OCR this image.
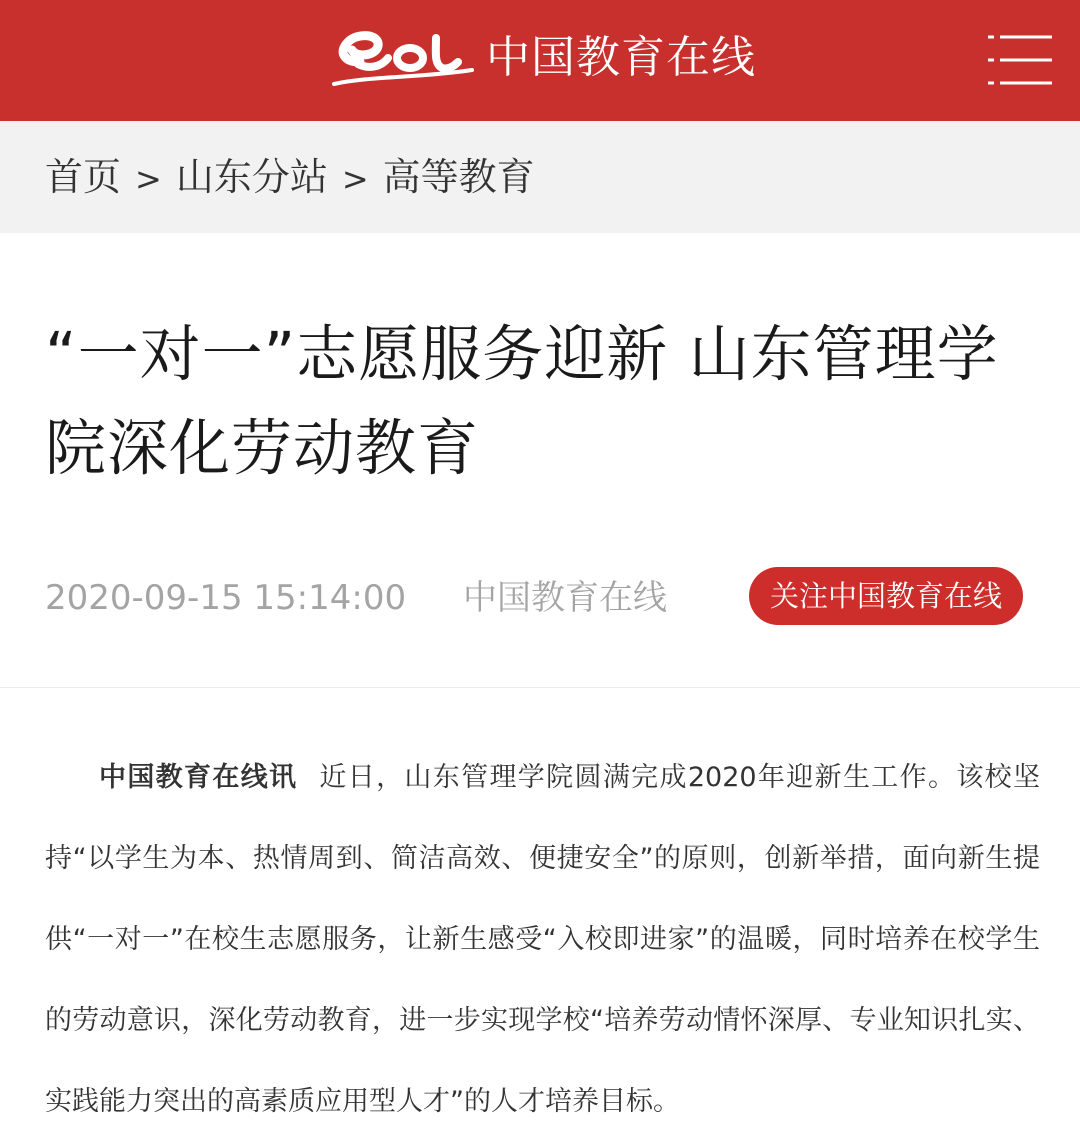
中国教育在线
首页 > 山东分站 > 高等教育
“一对一”志愿服务迎新 山东管理学院深化劳动教育
2020-09-15 15:14:00 中国教育在线	关注中国教育在线

中国教育在线讯 近日，山东管理学院圆满完成2020年迎新生工作。该校坚持“以学生为本、热情周到、简洁高效、便捷安全”的原则，创新举措，面向新生提供“一对一”在校生志愿服务，让新生感受“入校即进家”的温暖，同时培养在校学生的劳动意识，深化劳动教育，进一步实现学校“培养劳动情怀深厚、专业知识扎实、实践能力突出的高素质应用型人才”的人才培养目标。
